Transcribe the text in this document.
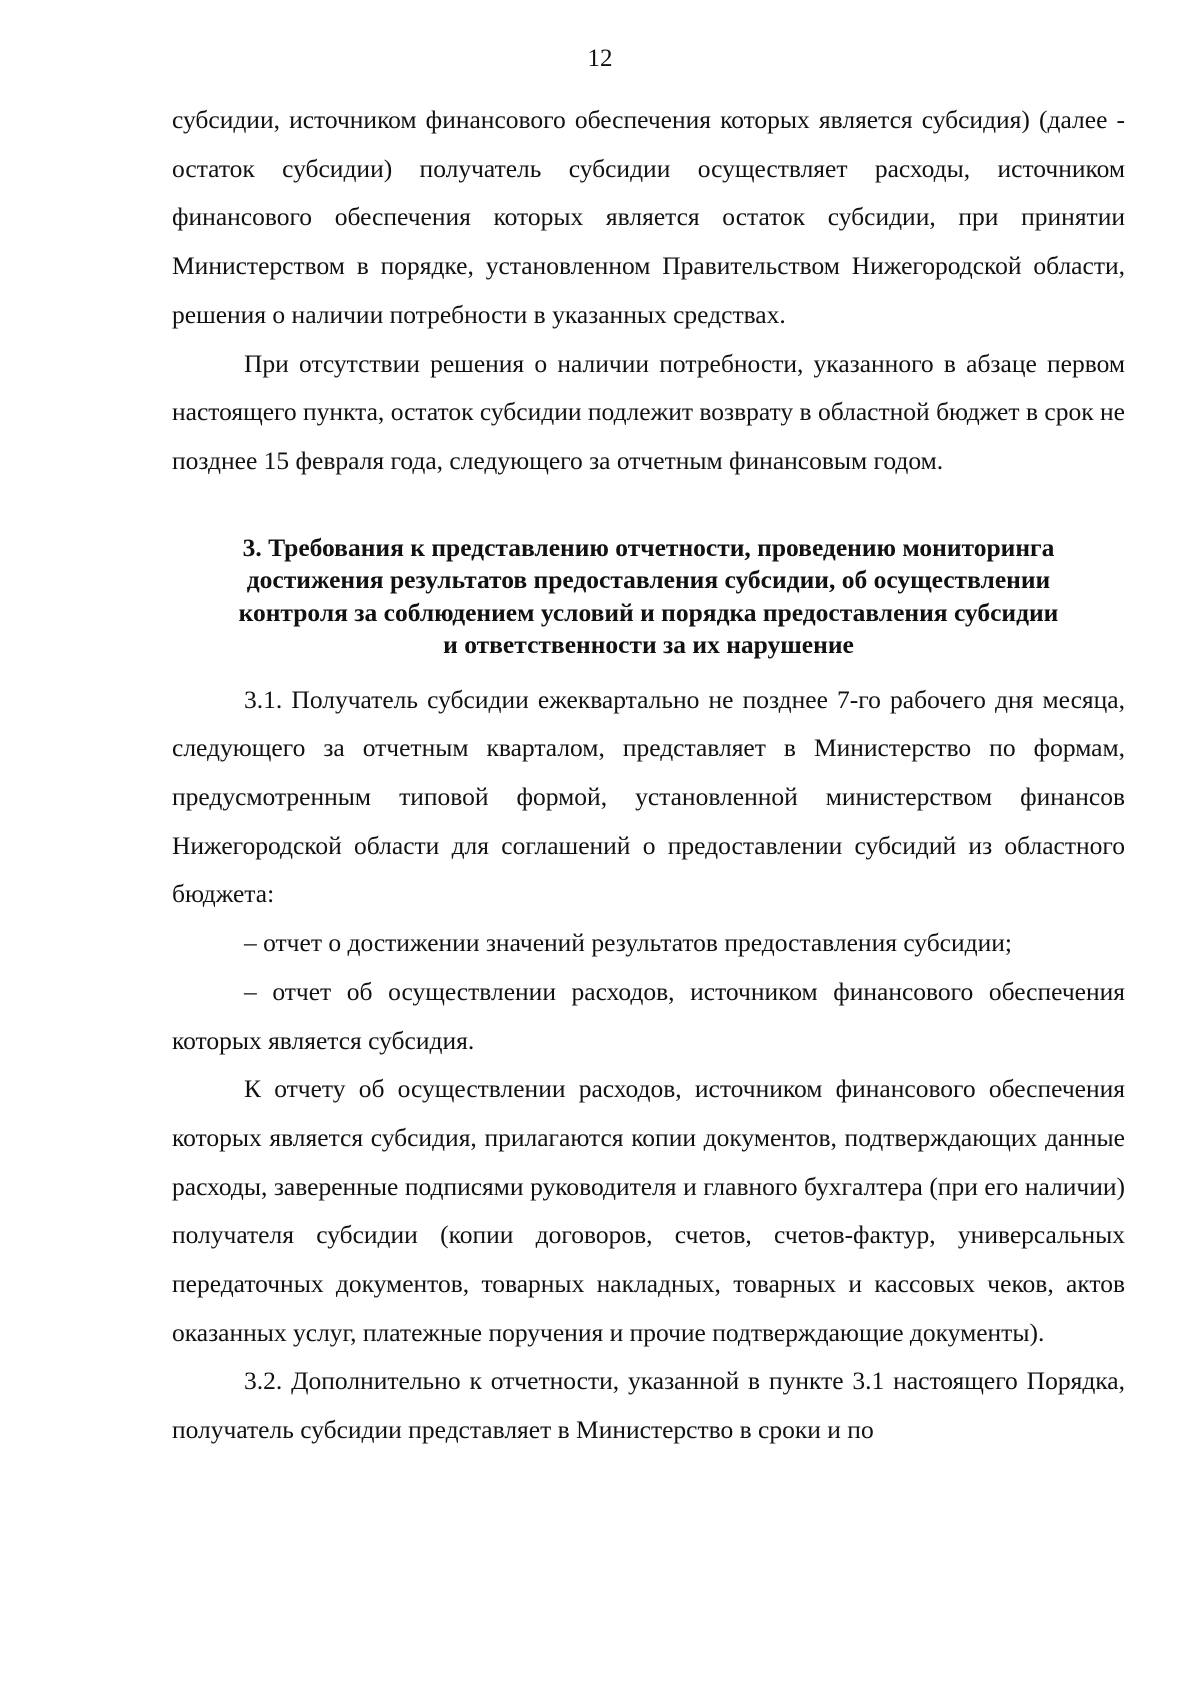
12

субсидии, источником финансового обеспечения которых является субсидия) (далее - остаток субсидии) получатель субсидии осуществляет расходы, источником финансового обеспечения которых является остаток субсидии, при принятии Министерством в порядке, установленном Правительством Нижегородской области, решения о наличии потребности в указанных средствах.

При отсутствии решения о наличии потребности, указанного в абзаце первом настоящего пункта, остаток субсидии подлежит возврату в областной бюджет в срок не позднее 15 февраля года, следующего за отчетным финансовым годом.

3. Требования к представлению отчетности, проведению мониторинга
достижения результатов предоставления субсидии, об осуществлении
контроля за соблюдением условий и порядка предоставления субсидии
и ответственности за их нарушение

3.1. Получатель субсидии ежеквартально не позднее 7-го рабочего дня месяца, следующего за отчетным кварталом, представляет в Министерство по формам, предусмотренным типовой формой, установленной министерством финансов Нижегородской области для соглашений о предоставлении субсидий из областного бюджета:

– отчет о достижении значений результатов предоставления субсидии;

– отчет об осуществлении расходов, источником финансового обеспечения которых является субсидия.

К отчету об осуществлении расходов, источником финансового обеспечения которых является субсидия, прилагаются копии документов, подтверждающих данные расходы, заверенные подписями руководителя и главного бухгалтера (при его наличии) получателя субсидии (копии договоров, счетов, счетов-фактур, универсальных передаточных документов, товарных накладных, товарных и кассовых чеков, актов оказанных услуг, платежные поручения и прочие подтверждающие документы).

3.2. Дополнительно к отчетности, указанной в пункте 3.1 настоящего Порядка, получатель субсидии представляет в Министерство в сроки и по
